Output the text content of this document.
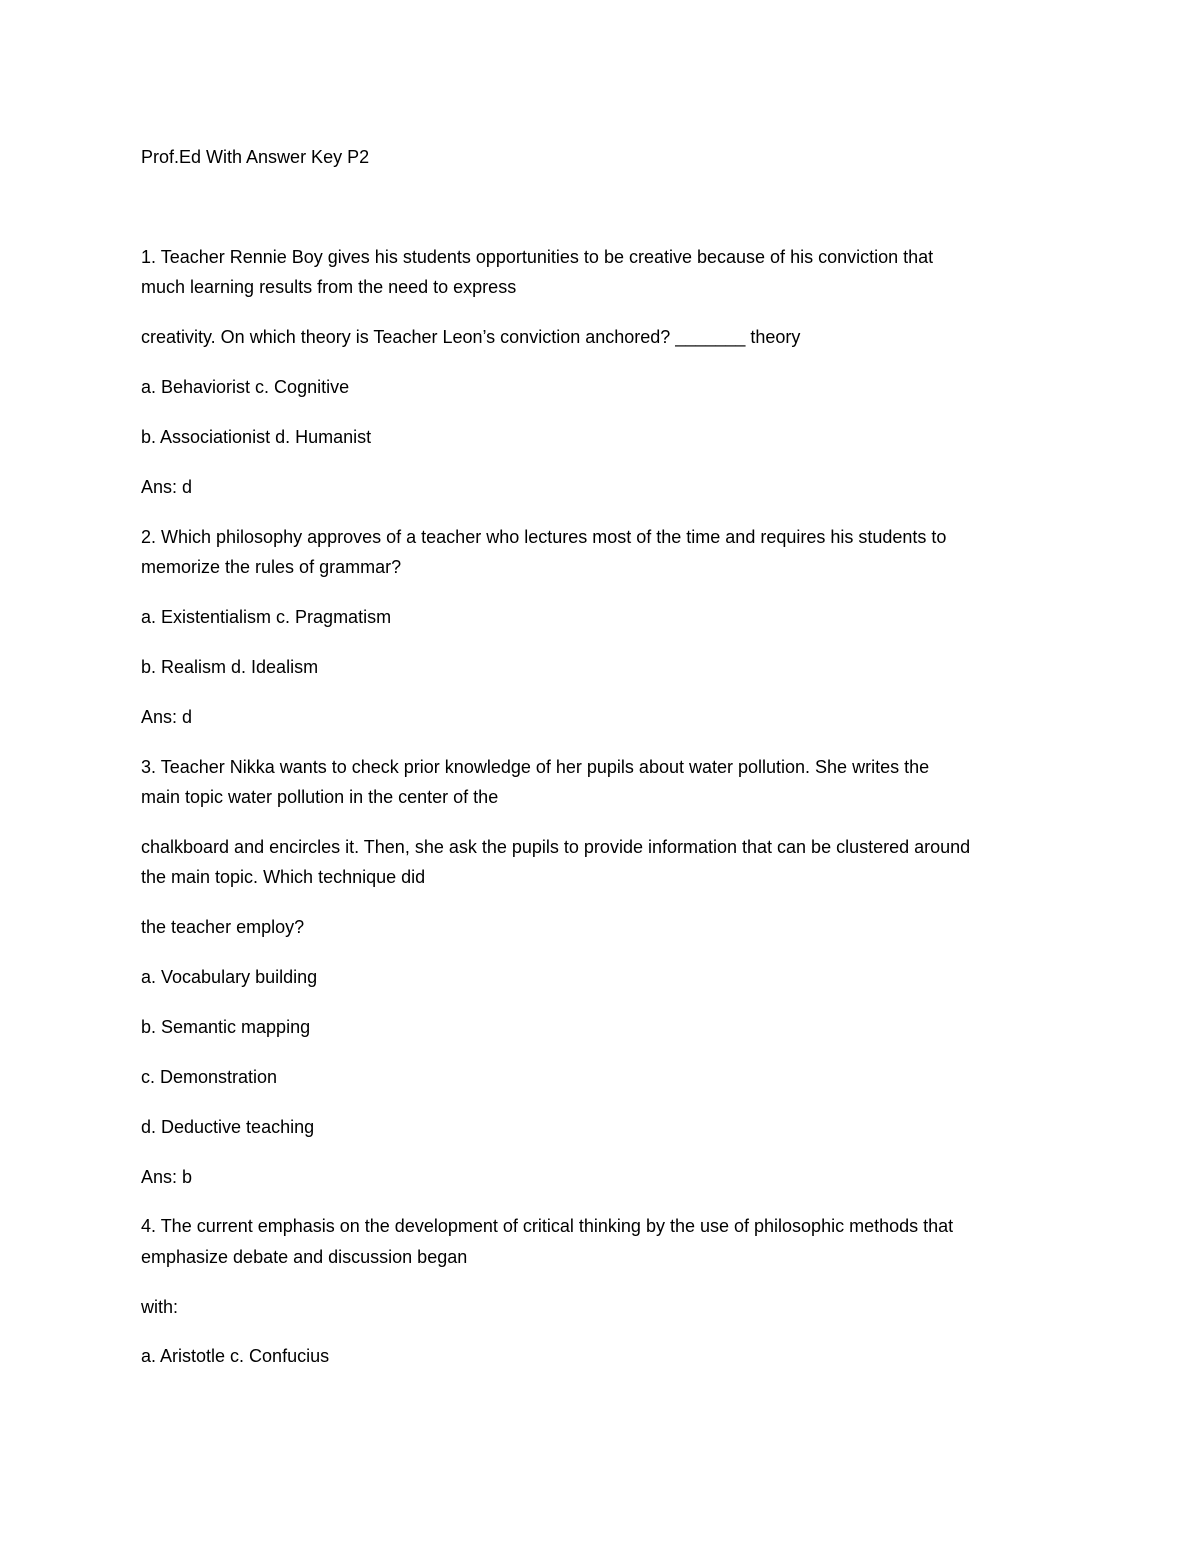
Prof.Ed With Answer Key P2

1. Teacher Rennie Boy gives his students opportunities to be creative because of his conviction that

much learning results from the need to express

creativity. On which theory is Teacher Leon’s conviction anchored? _______ theory

a. Behaviorist c. Cognitive

b. Associationist d. Humanist

Ans: d

2. Which philosophy approves of a teacher who lectures most of the time and requires his students to

memorize the rules of grammar?

a. Existentialism c. Pragmatism

b. Realism d. Idealism

Ans: d

3. Teacher Nikka wants to check prior knowledge of her pupils about water pollution. She writes the

main topic water pollution in the center of the

chalkboard and encircles it. Then, she ask the pupils to provide information that can be clustered around

the main topic. Which technique did

the teacher employ?

a. Vocabulary building

b. Semantic mapping

c. Demonstration

d. Deductive teaching

Ans: b

4. The current emphasis on the development of critical thinking by the use of philosophic methods that

emphasize debate and discussion began

with:

a. Aristotle c. Confucius
